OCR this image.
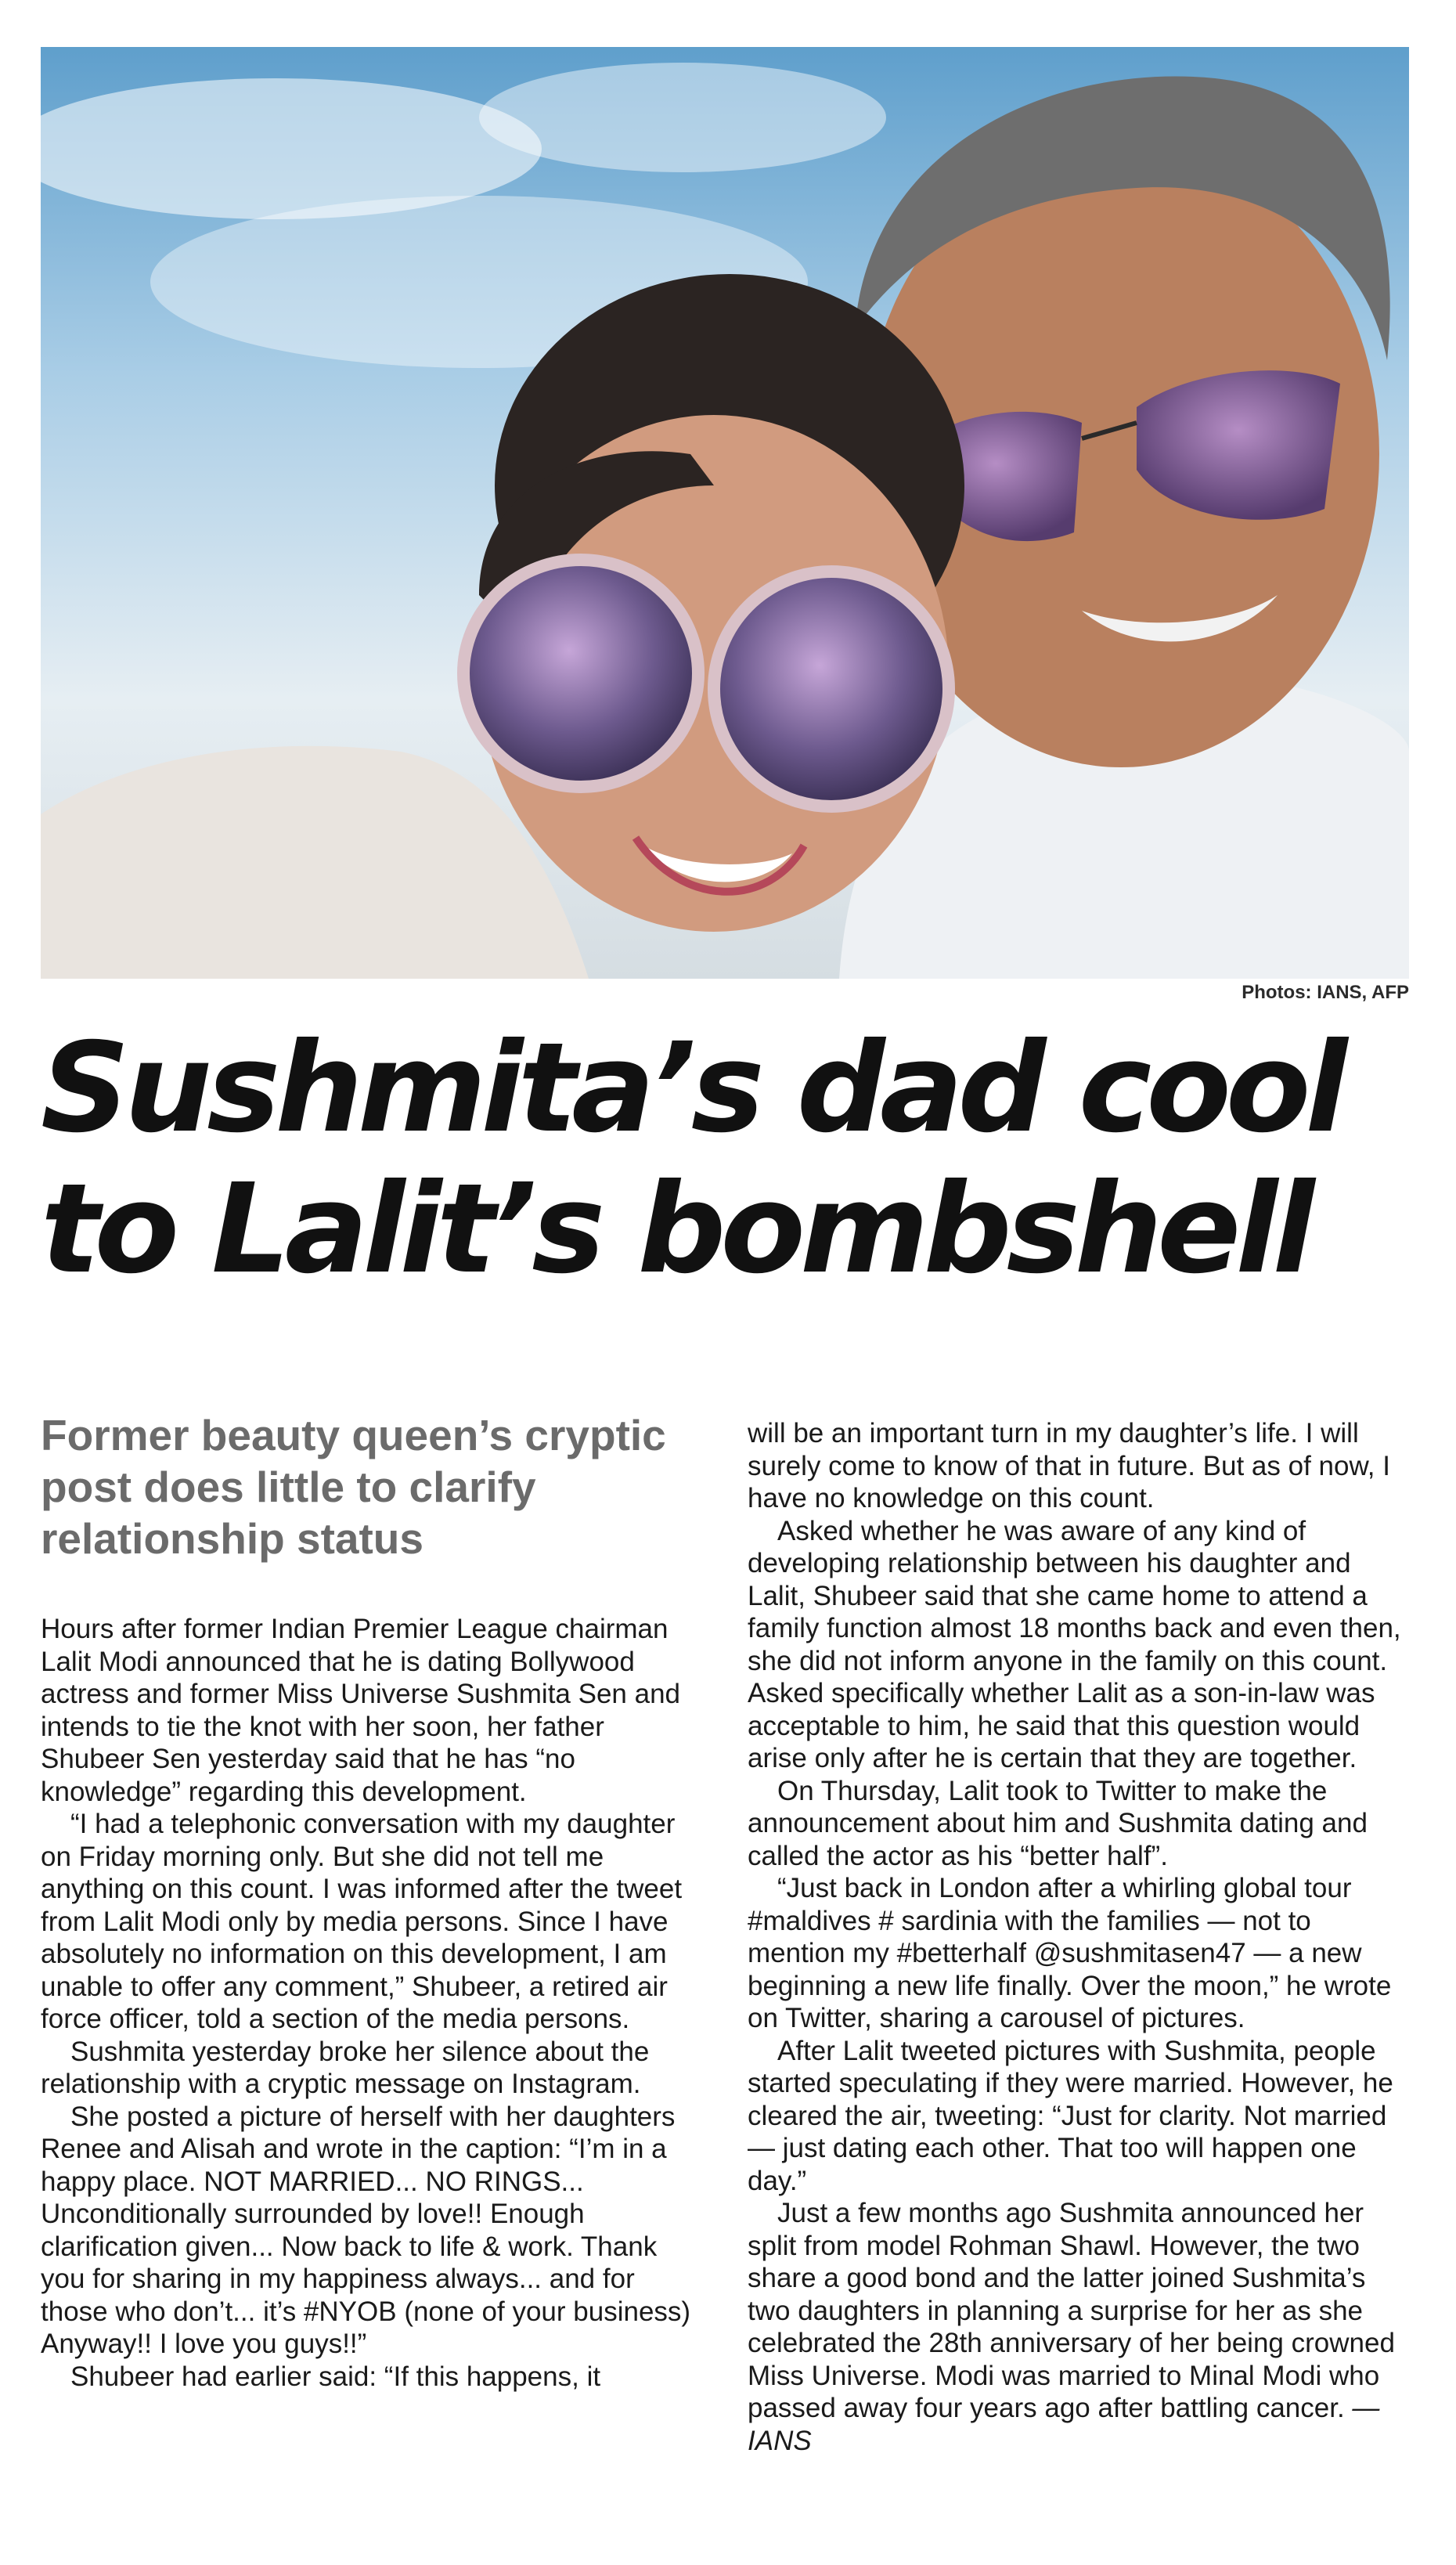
Photos: IANS, AFP
Sushmita’s dad cool
to Lalit’s bombshell
Former beauty queen’s cryptic post does little to clarify relationship status

Hours after former Indian Premier League chairman Lalit Modi announced that he is dating Bollywood actress and former Miss Universe Sushmita Sen and intends to tie the knot with her soon, her father Shubeer Sen yesterday said that he has “no knowledge” regarding this development.

“I had a telephonic conversation with my daughter on Friday morning only. But she did not tell me anything on this count. I was informed after the tweet from Lalit Modi only by media persons. Since I have absolutely no information on this development, I am unable to offer any comment,” Shubeer, a retired air force officer, told a section of the media persons.

Sushmita yesterday broke her silence about the relationship with a cryptic message on Instagram.

She posted a picture of herself with her daughters Renee and Alisah and wrote in the caption: “I’m in a happy place. NOT MARRIED... NO RINGS... Unconditionally surrounded by love!! Enough clarification given... Now back to life & work. Thank you for sharing in my happiness always... and for those who don’t... it’s #NYOB (none of your business) Anyway!! I love you guys!!”

Shubeer had earlier said: “If this happens, it

will be an important turn in my daughter’s life. I will surely come to know of that in future. But as of now, I have no knowledge on this count.

Asked whether he was aware of any kind of developing relationship between his daughter and Lalit, Shubeer said that she came home to attend a family function almost 18 months back and even then, she did not inform anyone in the family on this count. Asked specifically whether Lalit as a son-in-law was acceptable to him, he said that this question would arise only after he is certain that they are together.

On Thursday, Lalit took to Twitter to make the announcement about him and Sushmita dating and called the actor as his “better half”.

“Just back in London after a whirling global tour #maldives # sardinia with the families — not to mention my #betterhalf @sushmitasen47 — a new beginning a new life finally. Over the moon,” he wrote on Twitter, sharing a carousel of pictures.

After Lalit tweeted pictures with Sushmita, people started speculating if they were married. However, he cleared the air, tweeting: “Just for clarity. Not married — just dating each other. That too will happen one day.”

Just a few months ago Sushmita announced her split from model Rohman Shawl. However, the two share a good bond and the latter joined Sushmita’s two daughters in planning a surprise for her as she celebrated the 28th anniversary of her being crowned Miss Universe. Modi was married to Minal Modi who passed away four years ago after battling cancer. —IANS
